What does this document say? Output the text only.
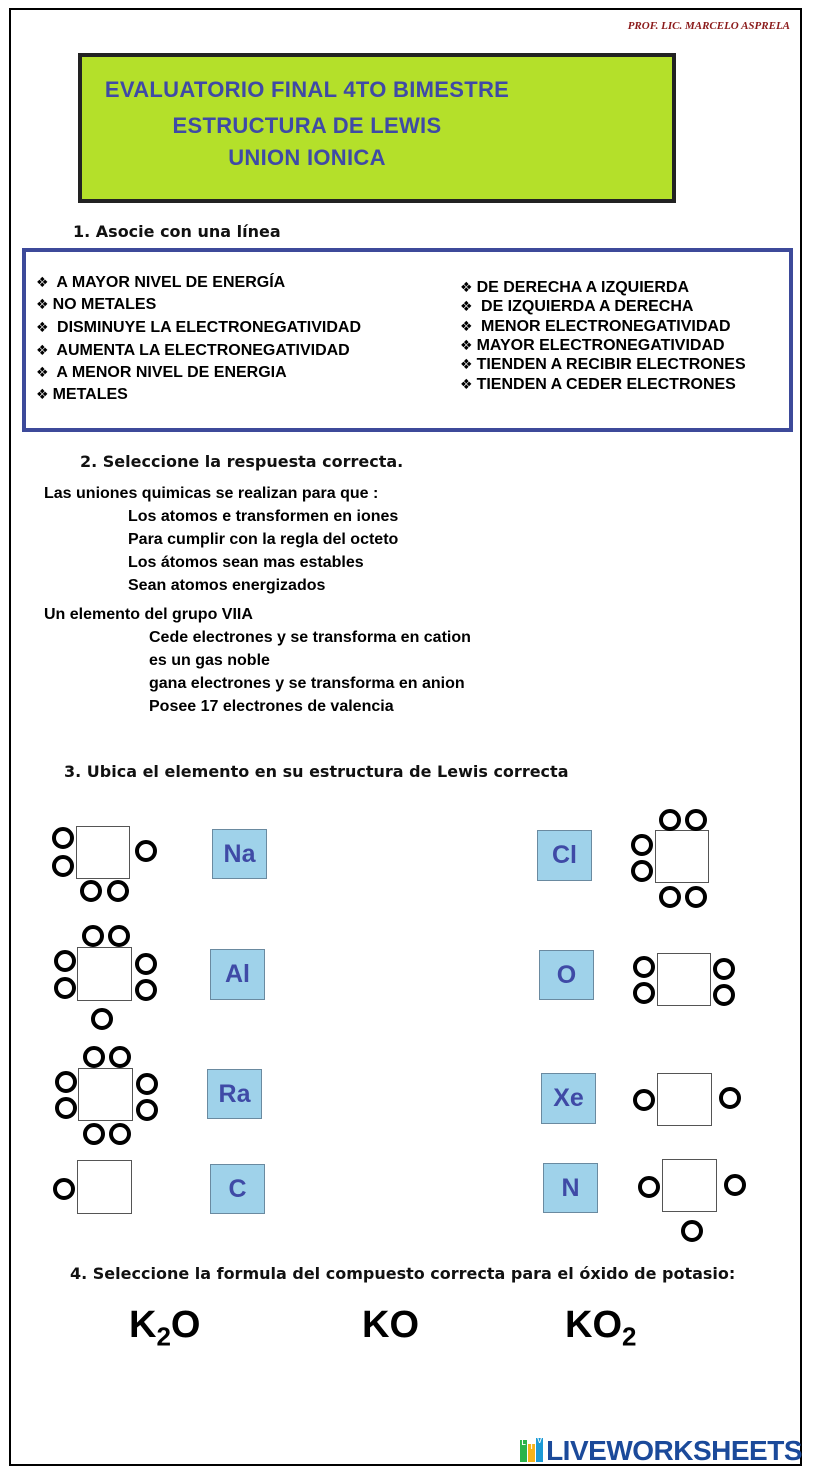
PROF. LIC. MARCELO ASPRELA
EVALUATORIO FINAL 4TO BIMESTRE
ESTRUCTURA DE LEWIS
UNION IONICA
1. Asocie con una línea
❖ A MAYOR NIVEL DE ENERGÍA
❖ NO METALES
❖ DISMINUYE LA ELECTRONEGATIVIDAD
❖ AUMENTA LA ELECTRONEGATIVIDAD
❖ A MENOR NIVEL DE ENERGIA
❖ METALES
❖ DE DERECHA A IZQUIERDA
❖ DE IZQUIERDA A DERECHA
❖ MENOR ELECTRONEGATIVIDAD
❖ MAYOR ELECTRONEGATIVIDAD
❖ TIENDEN A RECIBIR ELECTRONES
❖ TIENDEN A CEDER ELECTRONES
2. Seleccione la respuesta correcta.
Las uniones quimicas se realizan para que :
Los atomos e transformen en iones
Para cumplir con la regla del octeto
Los átomos sean mas estables
Sean atomos energizados
Un elemento del grupo VIIA
Cede electrones y se transforma en cation
es un gas noble
gana electrones y se transforma en anion
Posee 17 electrones de valencia
3. Ubica el elemento en su estructura de Lewis correcta
Na
Al
Ra
C
Cl
O
Xe
N
4. Seleccione la formula del compuesto correcta para el óxido de potasio:
$K_2O$	KO	$KO_2$
L
I
V LIVEWORKSHEETS
